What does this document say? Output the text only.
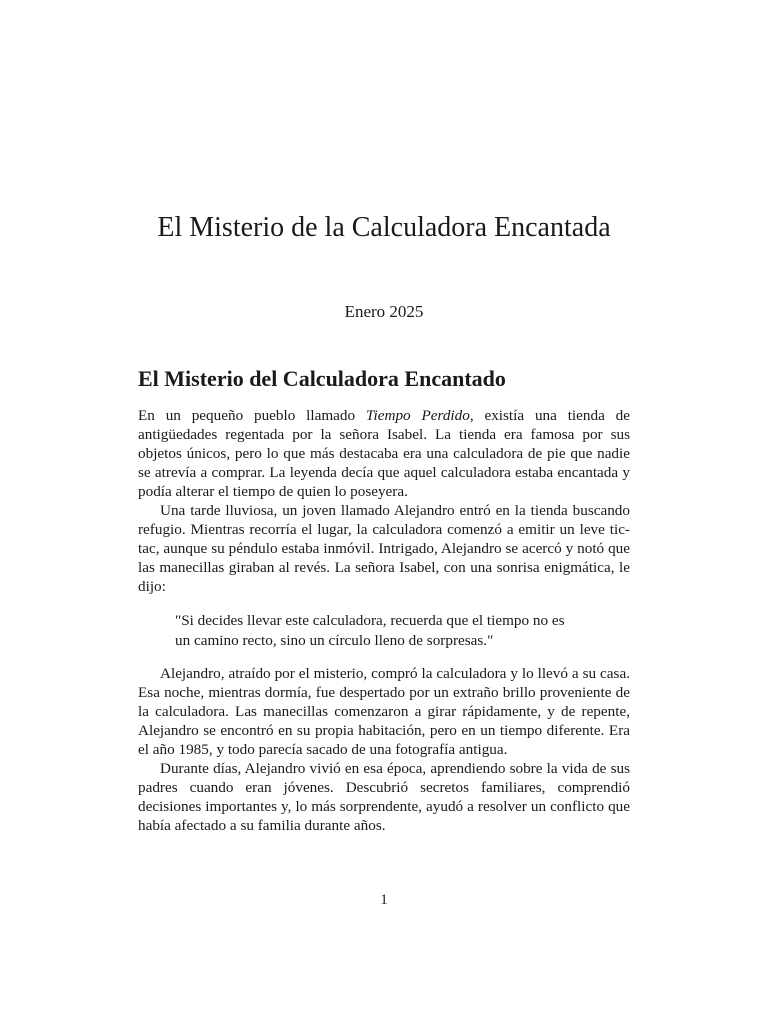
El Misterio de la Calculadora Encantada
Enero 2025
El Misterio del Calculadora Encantado

En un pequeño pueblo llamado Tiempo Perdido, existía una tienda de antigüedades regentada por la señora Isabel. La tienda era famosa por sus objetos únicos, pero lo que más destacaba era una calculadora de pie que nadie se atrevía a comprar. La leyenda decía que aquel calculadora estaba encantada y podía alterar el tiempo de quien lo poseyera.

Una tarde lluviosa, un joven llamado Alejandro entró en la tienda buscando refugio. Mientras recorría el lugar, la calculadora comenzó a emitir un leve tic-tac, aunque su péndulo estaba inmóvil. Intrigado, Alejandro se acercó y notó que las manecillas giraban al revés. La señora Isabel, con una sonrisa enigmática, le dijo:

"Si decides llevar este calculadora, recuerda que el tiempo no es

un camino recto, sino un círculo lleno de sorpresas."

Alejandro, atraído por el misterio, compró la calculadora y lo llevó a su casa. Esa noche, mientras dormía, fue despertado por un extraño brillo proveniente de la calculadora. Las manecillas comenzaron a girar rápidamente, y de repente, Alejandro se encontró en su propia habitación, pero en un tiempo diferente. Era el año 1985, y todo parecía sacado de una fotografía antigua.

Durante días, Alejandro vivió en esa época, aprendiendo sobre la vida de sus padres cuando eran jóvenes. Descubrió secretos familiares, comprendió decisiones importantes y, lo más sorprendente, ayudó a resolver un conflicto que había afectado a su familia durante años.

1
